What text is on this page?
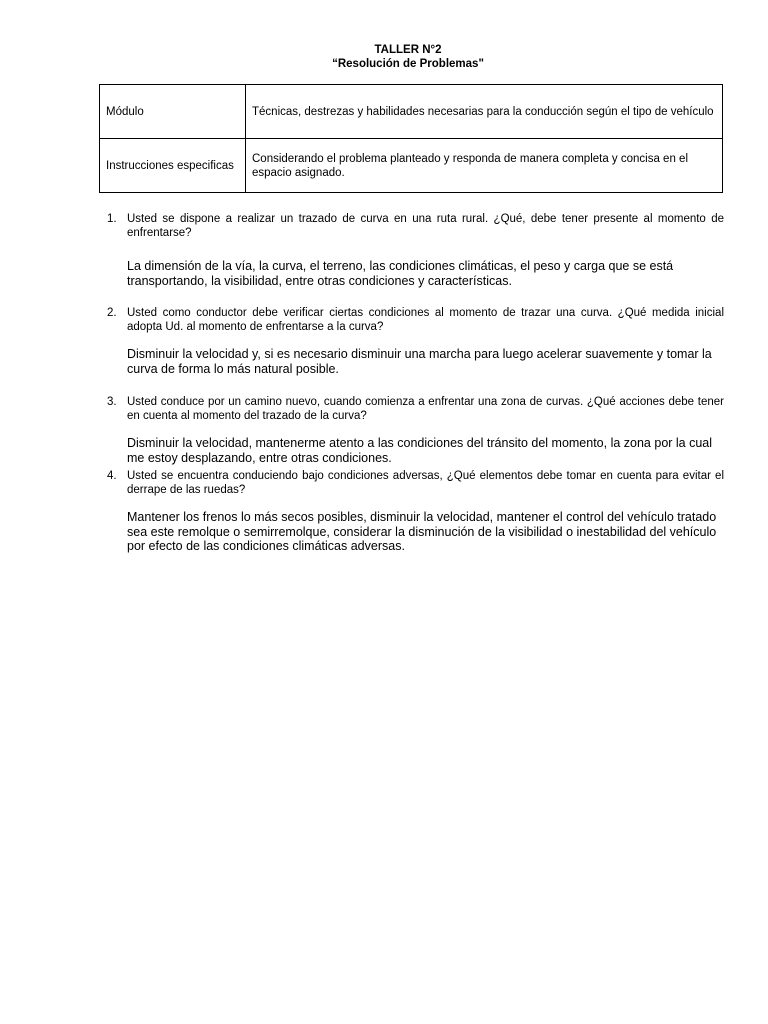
TALLER N°2
“Resolución de Problemas"
Módulo	Técnicas, destrezas y habilidades necesarias para la conducción según el tipo de vehículo
Instrucciones especificas	Considerando el problema planteado y responda de manera completa y concisa en el espacio asignado.
1. Usted se dispone a realizar un trazado de curva en una ruta rural. ¿Qué, debe tener presente al momento de enfrentarse?
La dimensión de la vía, la curva, el terreno, las condiciones climáticas, el peso y carga que se está transportando, la visibilidad, entre otras condiciones y características.
2. Usted como conductor debe verificar ciertas condiciones al momento de trazar una curva. ¿Qué medida inicial adopta Ud. al momento de enfrentarse a la curva?
Disminuir la velocidad y, si es necesario disminuir una marcha para luego acelerar suavemente y tomar la curva de forma lo más natural posible.
3. Usted conduce por un camino nuevo, cuando comienza a enfrentar una zona de curvas. ¿Qué acciones debe tener en cuenta al momento del trazado de la curva?
Disminuir la velocidad, mantenerme atento a las condiciones del tránsito del momento, la zona por la cual me estoy desplazando, entre otras condiciones.
4. Usted se encuentra conduciendo bajo condiciones adversas, ¿Qué elementos debe tomar en cuenta para evitar el derrape de las ruedas?
Mantener los frenos lo más secos posibles, disminuir la velocidad, mantener el control del vehículo tratado sea este remolque o semirremolque, considerar la disminución de la visibilidad o inestabilidad del vehículo por efecto de las condiciones climáticas adversas.
